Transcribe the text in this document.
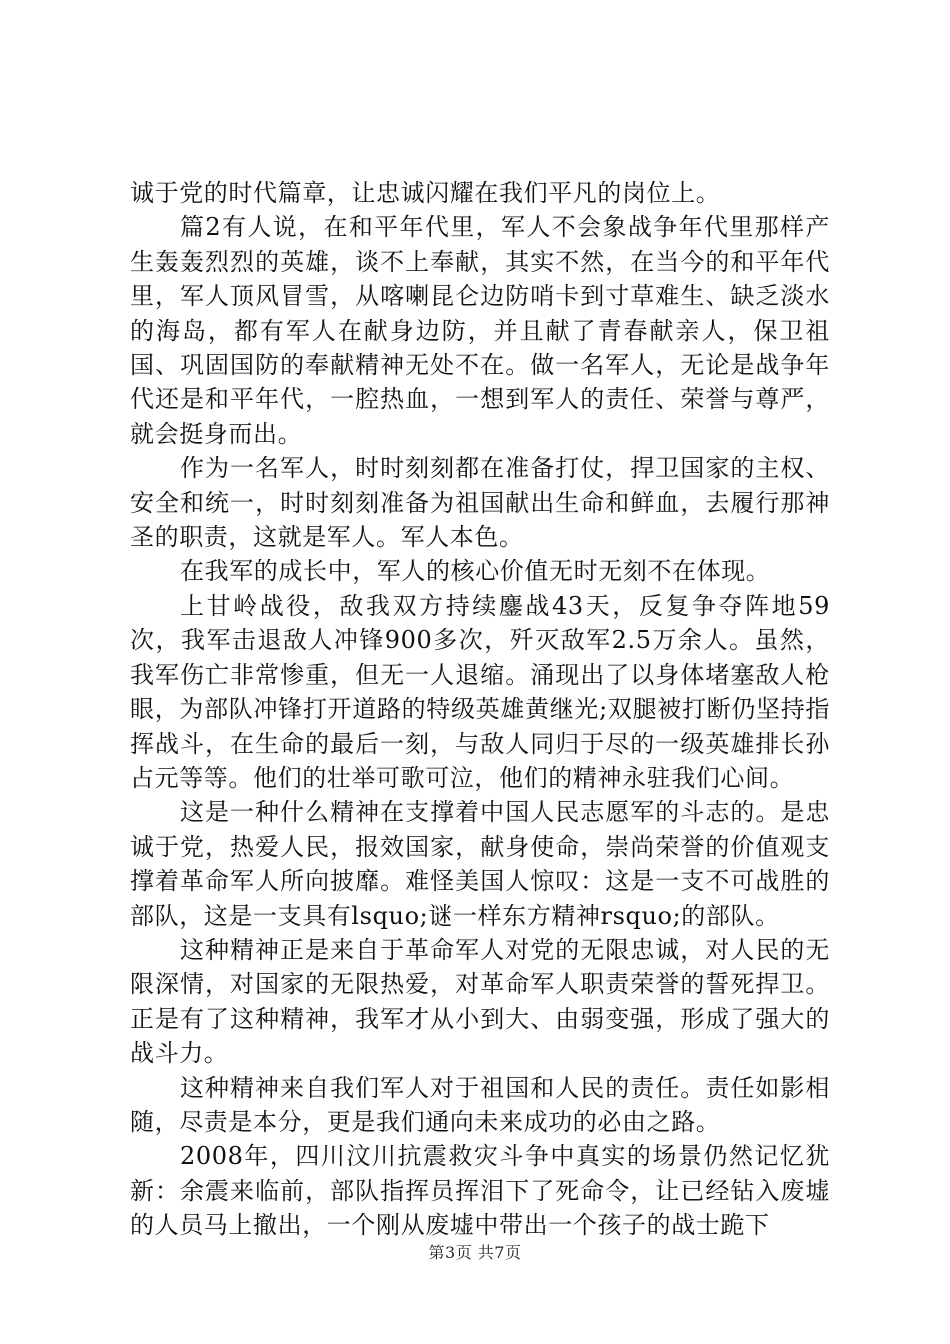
诚于党的时代篇章，让忠诚闪耀在我们平凡的岗位上。

篇2有人说，在和平年代里，军人不会象战争年代里那样产生轰轰烈烈的英雄，谈不上奉献，其实不然，在当今的和平年代里，军人顶风冒雪，从喀喇昆仑边防哨卡到寸草难生、缺乏淡水的海岛，都有军人在献身边防，并且献了青春献亲人，保卫祖国、巩固国防的奉献精神无处不在。做一名军人，无论是战争年代还是和平年代，一腔热血，一想到军人的责任、荣誉与尊严，就会挺身而出。

作为一名军人，时时刻刻都在准备打仗，捍卫国家的主权、安全和统一，时时刻刻准备为祖国献出生命和鲜血，去履行那神圣的职责，这就是军人。军人本色。

在我军的成长中，军人的核心价值无时无刻不在体现。

上甘岭战役，敌我双方持续鏖战43天，反复争夺阵地59次，我军击退敌人冲锋900多次，歼灭敌军2.5万余人。虽然，我军伤亡非常惨重，但无一人退缩。涌现出了以身体堵塞敌人枪眼，为部队冲锋打开道路的特级英雄黄继光;双腿被打断仍坚持指挥战斗，在生命的最后一刻，与敌人同归于尽的一级英雄排长孙占元等等。他们的壮举可歌可泣，他们的精神永驻我们心间。

这是一种什么精神在支撑着中国人民志愿军的斗志的。是忠诚于党，热爱人民，报效国家，献身使命，崇尚荣誉的价值观支撑着革命军人所向披靡。难怪美国人惊叹：这是一支不可战胜的部队，这是一支具有lsquo;谜一样东方精神rsquo;的部队。

这种精神正是来自于革命军人对党的无限忠诚，对人民的无限深情，对国家的无限热爱，对革命军人职责荣誉的誓死捍卫。正是有了这种精神，我军才从小到大、由弱变强，形成了强大的战斗力。

这种精神来自我们军人对于祖国和人民的责任。责任如影相随，尽责是本分，更是我们通向未来成功的必由之路。

2008年，四川汶川抗震救灾斗争中真实的场景仍然记忆犹新：余震来临前，部队指挥员挥泪下了死命令，让已经钻入废墟的人员马上撤出，一个刚从废墟中带出一个孩子的战士跪下

第3页 共7页
